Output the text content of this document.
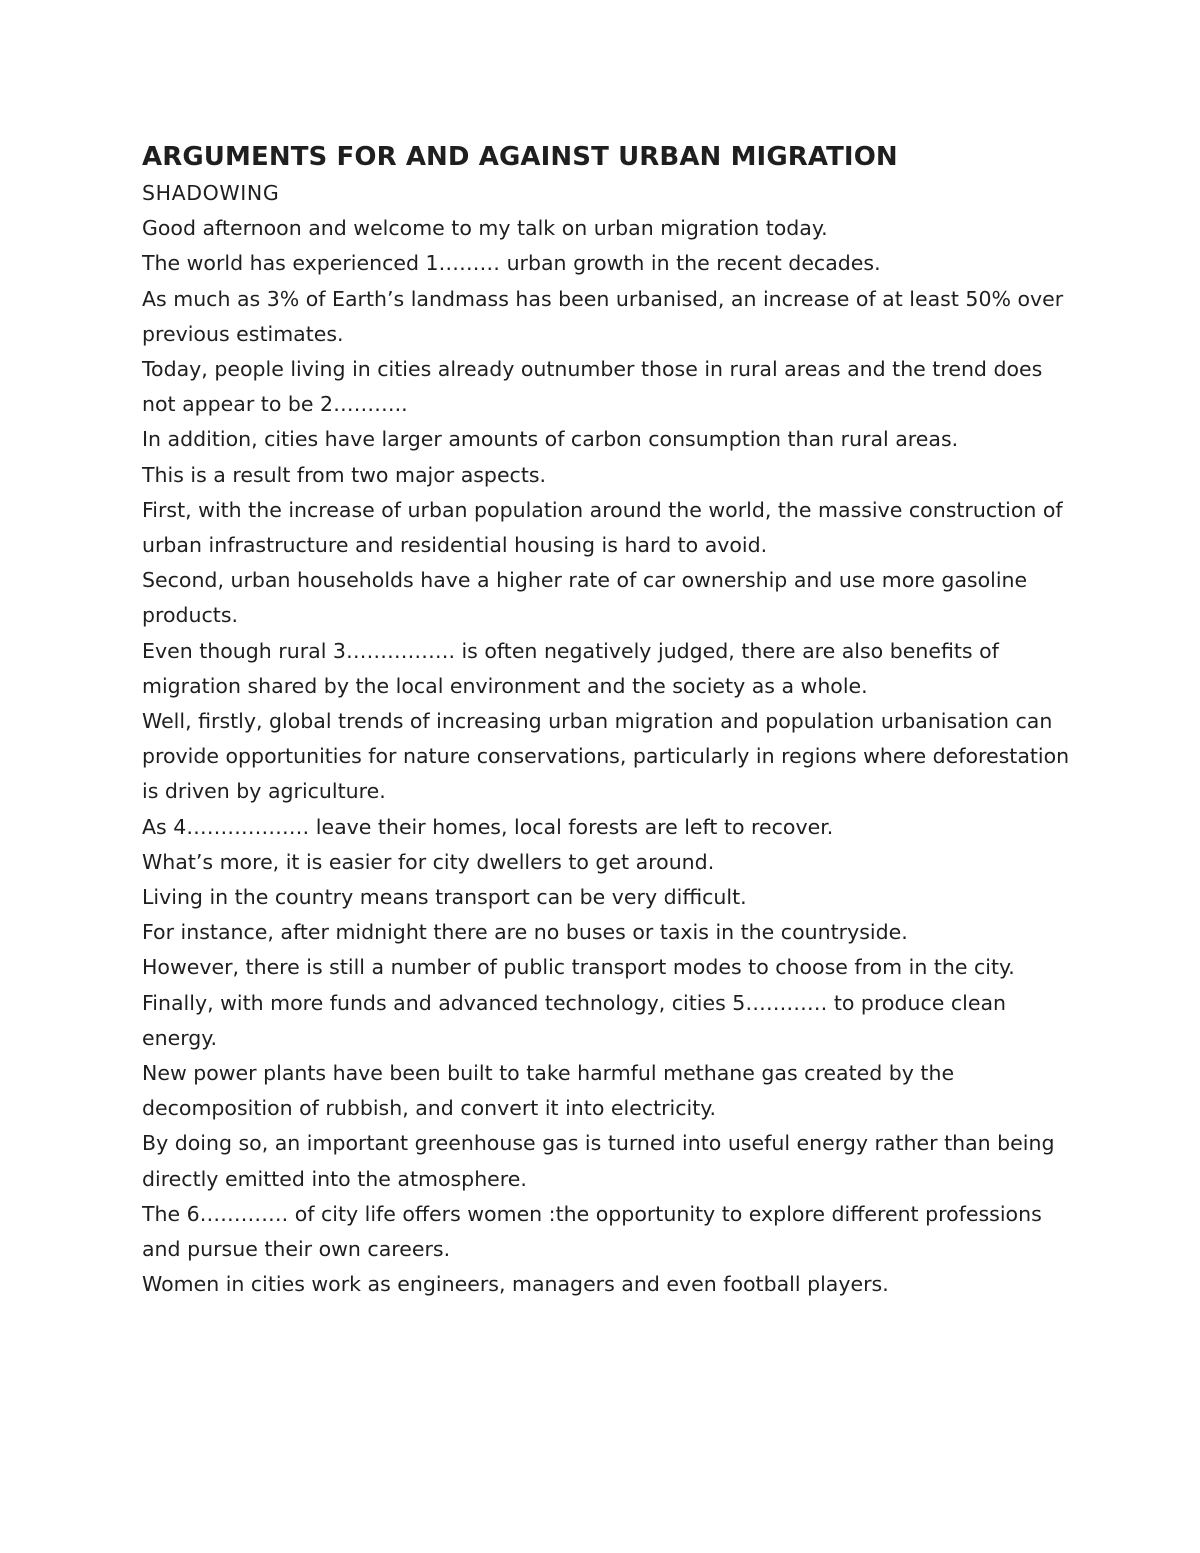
ARGUMENTS FOR AND AGAINST URBAN MIGRATION

SHADOWING

Good afternoon and welcome to my talk on urban migration today.

The world has experienced 1……… urban growth in the recent decades.

As much as 3% of Earth’s landmass has been urbanised, an increase of at least 50% over previous estimates.

Today, people living in cities already outnumber those in rural areas and the trend does not appear to be 2………..

In addition, cities have larger amounts of carbon consumption than rural areas.

This is a result from two major aspects.

First, with the increase of urban population around the world, the massive construction of urban infrastructure and residential housing is hard to avoid.

Second, urban households have a higher rate of car ownership and use more gasoline products.

Even though rural 3……………. is often negatively judged, there are also benefits of migration shared by the local environment and the society as a whole.

Well, firstly, global trends of increasing urban migration and population urbanisation can provide opportunities for nature conservations, particularly in regions where deforestation is driven by agriculture.

As 4……………… leave their homes, local forests are left to recover.

What’s more, it is easier for city dwellers to get around.

Living in the country means transport can be very difficult.

For instance, after midnight there are no buses or taxis in the countryside.

However, there is still a number of public transport modes to choose from in the city.

Finally, with more funds and advanced technology, cities 5………… to produce clean energy.

New power plants have been built to take harmful methane gas created by the decomposition of rubbish, and convert it into electricity.

By doing so, an important greenhouse gas is turned into useful energy rather than being directly emitted into the atmosphere.

The 6…………. of city life offers women :the opportunity to explore different professions and pursue their own careers.

Women in cities work as engineers, managers and even football players.
